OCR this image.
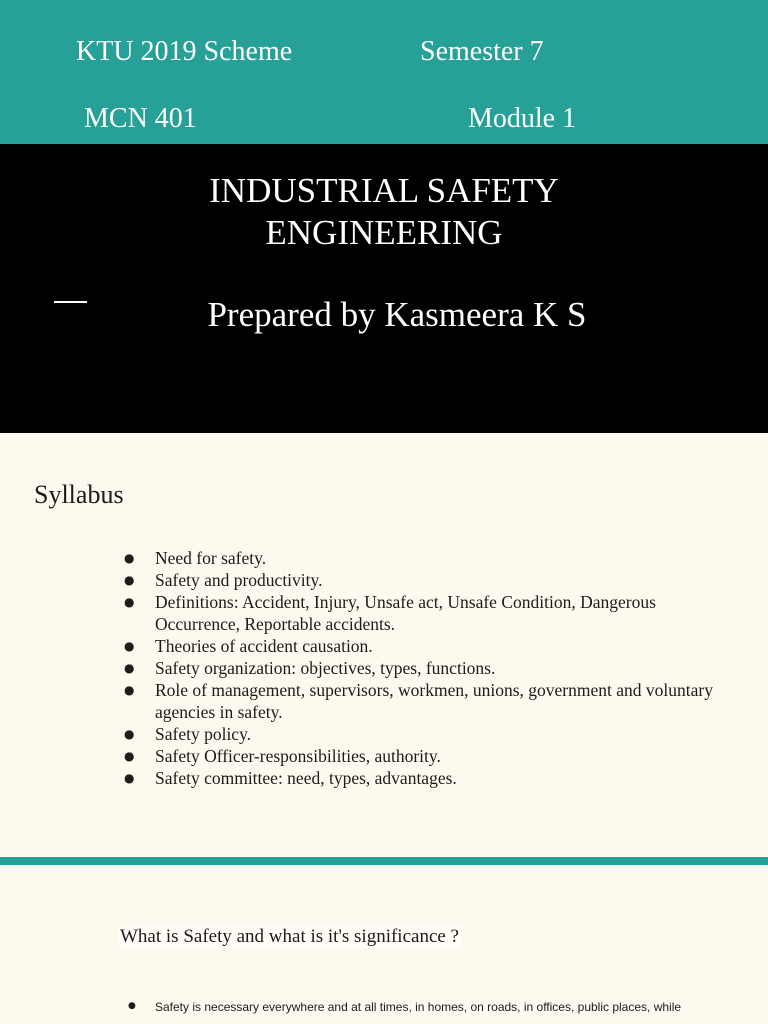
KTU 2019 Scheme	Semester 7
MCN 401	Module 1
INDUSTRIAL SAFETY
ENGINEERING
Prepared by Kasmeera K S
Syllabus
● Need for safety.
● Safety and productivity.
● Definitions: Accident, Injury, Unsafe act, Unsafe Condition, Dangerous Occurrence, Reportable accidents.
● Theories of accident causation.
● Safety organization: objectives, types, functions.
● Role of management, supervisors, workmen, unions, government and voluntary agencies in safety.
● Safety policy.
● Safety Officer-responsibilities, authority.
● Safety committee: need, types, advantages.
What is Safety and what is it's significance ?
● Safety is necessary everywhere and at all times, in homes, on roads, in offices, public places, while
